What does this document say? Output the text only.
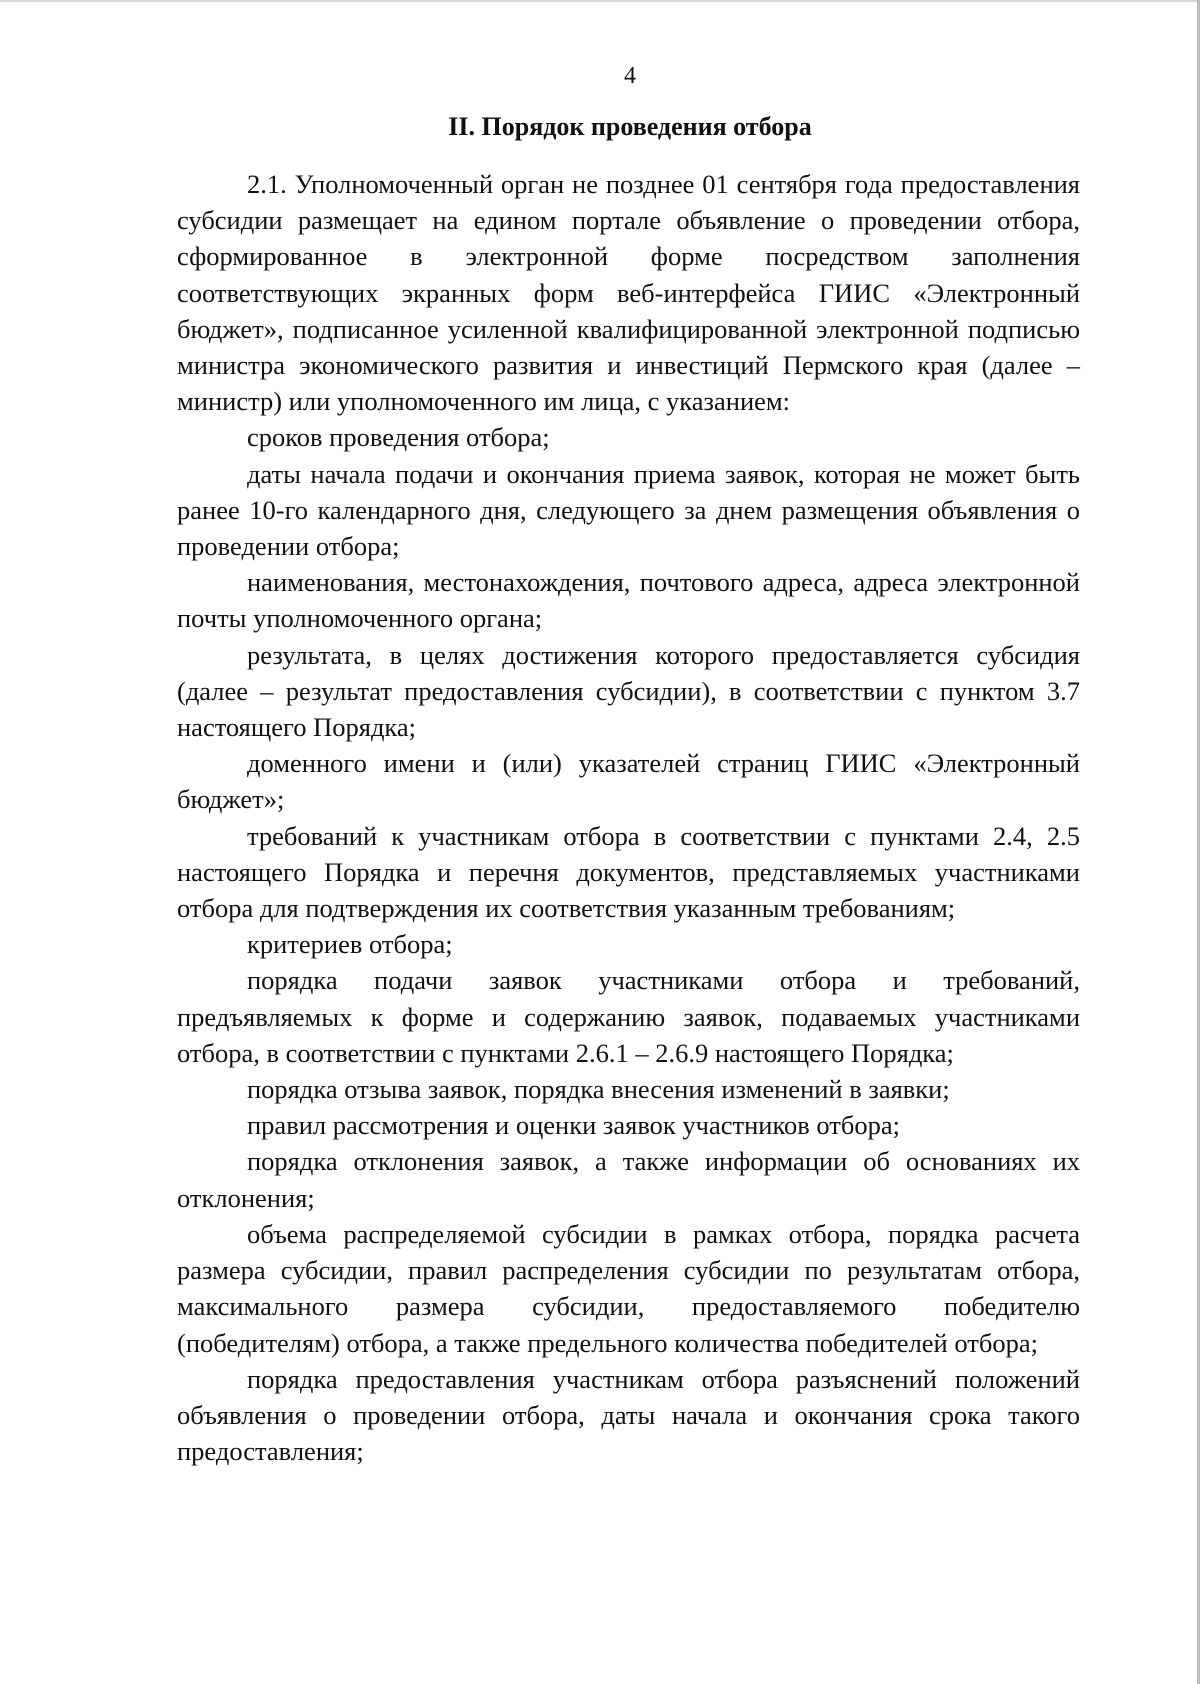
4
II. Порядок проведения отбора

2.1. Уполномоченный орган не позднее 01 сентября года предоставления субсидии размещает на едином портале объявление о проведении отбора, сформированное в электронной форме посредством заполнения соответствующих экранных форм веб-интерфейса ГИИС «Электронный бюджет», подписанное усиленной квалифицированной электронной подписью министра экономического развития и инвестиций Пермского края (далее – министр) или уполномоченного им лица, с указанием:

сроков проведения отбора;

даты начала подачи и окончания приема заявок, которая не может быть ранее 10-го календарного дня, следующего за днем размещения объявления о проведении отбора;

наименования, местонахождения, почтового адреса, адреса электронной почты уполномоченного органа;

результата, в целях достижения которого предоставляется субсидия (далее – результат предоставления субсидии), в соответствии с пунктом 3.7 настоящего Порядка;

доменного имени и (или) указателей страниц ГИИС «Электронный бюджет»;

требований к участникам отбора в соответствии с пунктами 2.4, 2.5 настоящего Порядка и перечня документов, представляемых участниками отбора для подтверждения их соответствия указанным требованиям;

критериев отбора;

порядка подачи заявок участниками отбора и требований, предъявляемых к форме и содержанию заявок, подаваемых участниками отбора, в соответствии с пунктами 2.6.1 – 2.6.9 настоящего Порядка;

порядка отзыва заявок, порядка внесения изменений в заявки;

правил рассмотрения и оценки заявок участников отбора;

порядка отклонения заявок, а также информации об основаниях их отклонения;

объема распределяемой субсидии в рамках отбора, порядка расчета размера субсидии, правил распределения субсидии по результатам отбора, максимального размера субсидии, предоставляемого победителю (победителям) отбора, а также предельного количества победителей отбора;

порядка предоставления участникам отбора разъяснений положений объявления о проведении отбора, даты начала и окончания срока такого предоставления;
